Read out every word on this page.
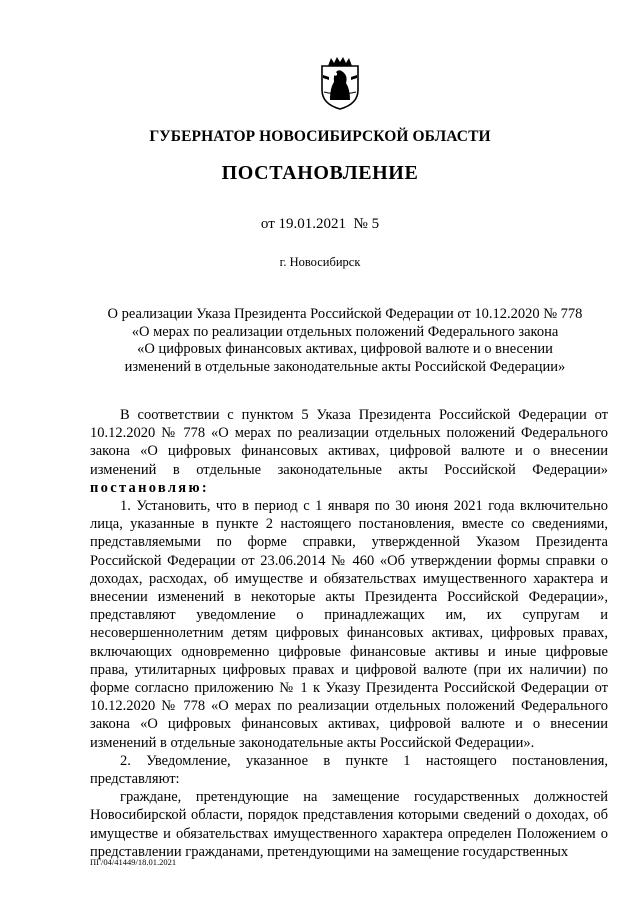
ГУБЕРНАТОР НОВОСИБИРСКОЙ ОБЛАСТИ
ПОСТАНОВЛЕНИЕ
от 19.01.2021  № 5
г. Новосибирск
О реализации Указа Президента Российской Федерации от 10.12.2020 № 778
«О мерах по реализации отдельных положений Федерального закона
«О цифровых финансовых активах, цифровой валюте и о внесении
изменений в отдельные законодательные акты Российской Федерации»

В соответствии с пунктом 5 Указа Президента Российской Федерации от 10.12.2020 № 778 «О мерах по реализации отдельных положений Федерального закона «О цифровых финансовых активах, цифровой валюте и о внесении изменений в отдельные законодательные акты Российской Федерации» постановляю:

1. Установить, что в период с 1 января по 30 июня 2021 года включительно лица, указанные в пункте 2 настоящего постановления, вместе со сведениями, представляемыми по форме справки, утвержденной Указом Президента Российской Федерации от 23.06.2014 № 460 «Об утверждении формы справки о доходах, расходах, об имуществе и обязательствах имущественного характера и внесении изменений в некоторые акты Президента Российской Федерации», представляют уведомление о принадлежащих им, их супругам и несовершеннолетним детям цифровых финансовых активах, цифровых правах, включающих одновременно цифровые финансовые активы и иные цифровые права, утилитарных цифровых правах и цифровой валюте (при их наличии) по форме согласно приложению № 1 к Указу Президента Российской Федерации от 10.12.2020 № 778 «О мерах по реализации отдельных положений Федерального закона «О цифровых финансовых активах, цифровой валюте и о внесении изменений в отдельные законодательные акты Российской Федерации».

2. Уведомление, указанное в пункте 1 настоящего постановления, представляют:

граждане, претендующие на замещение государственных должностей Новосибирской области, порядок представления которыми сведений о доходах, об имуществе и обязательствах имущественного характера определен Положением о представлении гражданами, претендующими на замещение государственных

ПГ/04/41449/18.01.2021
